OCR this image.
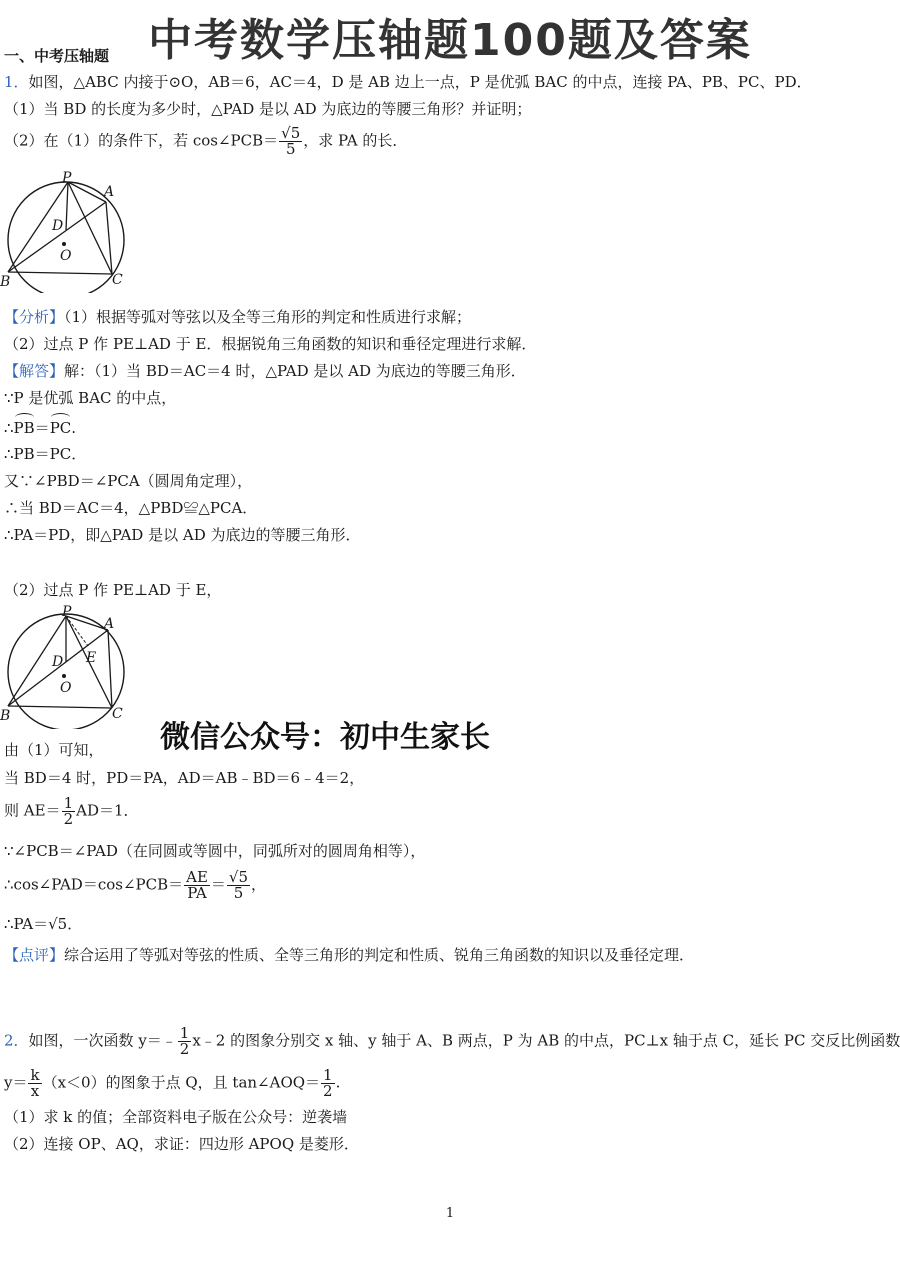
中考数学压轴题100题及答案
一、中考压轴题
1．如图，△ABC 内接于⊙O，AB＝6，AC＝4，D 是 AB 边上一点，P 是优弧 BAC 的中点，连接 PA、PB、PC、PD．
（1）当 BD 的长度为多少时，△PAD 是以 AD 为底边的等腰三角形？并证明；
（2）在（1）的条件下，若 cos∠PCB＝ $\frac{√5}{5}$ ，求 PA 的长．
P
A
D
O
B	C
【分析】（1）根据等弧对等弦以及全等三角形的判定和性质进行求解；
（2）过点 P 作 PE⊥AD 于 E．根据锐角三角函数的知识和垂径定理进行求解．
【解答】解：（1）当 BD＝AC＝4 时，△PAD 是以 AD 为底边的等腰三角形．
∵P 是优弧 BAC 的中点，
∴PB＝PC.
∴PB＝PC．
又∵∠PBD＝∠PCA（圆周角定理），
∴当 BD＝AC＝4，△PBD≌△PCA．
∴PA＝PD，即△PAD 是以 AD 为底边的等腰三角形．
（2）过点 P 作 PE⊥AD 于 E，
P
A
D E
O
B	C
微信公众号：初中生家长
由（1）可知，
当 BD＝4 时，PD＝PA，AD＝AB﹣BD＝6﹣4＝2，
则 $AE= \frac{1}{2} AD=1$．
∵∠PCB＝∠PAD（在同圆或等圆中，同弧所对的圆周角相等），
∴cos∠PAD＝cos∠PCB＝ $\frac{AE}{PA} = \frac{√5}{5}$ ，
∴PA＝√5．
【点评】综合运用了等弧对等弦的性质、全等三角形的判定和性质、锐角三角函数的知识以及垂径定理．
2．如图，一次函数 y＝﹣ $\frac{1}{2}$ x﹣2 的图象分别交 x 轴、y 轴于 A、B 两点，P 为 AB 的中点，PC⊥x 轴于点 C，延长 PC 交反比例函数
$y= \frac{k}{x} (x<0)$的图象于点 Q，且 tan∠AOQ＝ $\frac{1}{2}$ .
（1）求 k 的值；全部资料电子版在公众号：逆袭墙
（2）连接 OP、AQ，求证：四边形 APOQ 是菱形．
1
